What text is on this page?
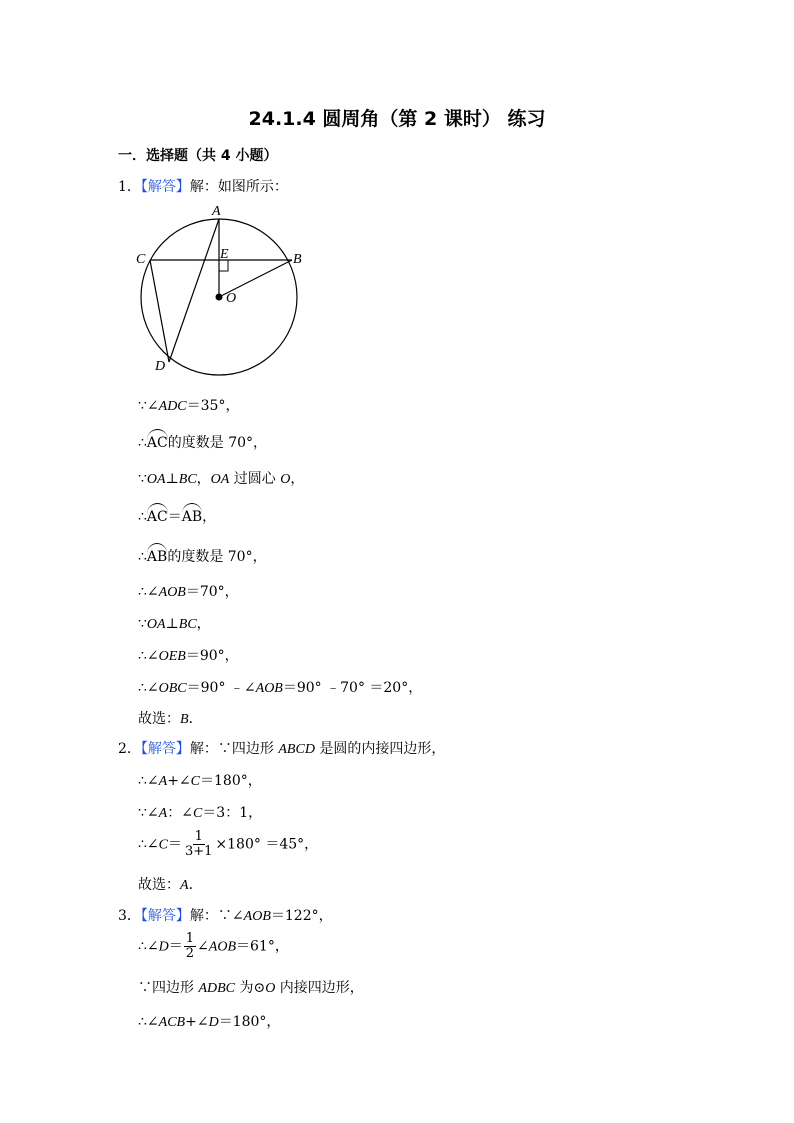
24.1.4 圆周角（第 2 课时） 练习
一．选择题（共 4 小题）
1．【解答】解：如图所示：
A
B
C
D
E
O
∵∠ADC＝35°，
∴AC的度数是 70°，
∵OA⊥BC，OA 过圆心 O，
∴AC＝AB，
∴AB的度数是 70°，
∴∠AOB＝70°，
∵OA⊥BC，
∴∠OEB＝90°，
∴∠OBC＝90° ﹣∠AOB＝90° ﹣70° ＝20°，
故选：B．
2．【解答】解：∵四边形 ABCD 是圆的内接四边形，
∴∠A+∠C＝180°，
∵∠A：∠C＝3：1，
∴∠C＝ $\frac{1}{3+1} \times 180^\circ =45^\circ$，
故选：A．
3．【解答】解：∵∠AOB＝122°，
∴∠D＝ $\frac{1}{2}$ ∠AOB＝61°，
∵四边形 ADBC 为⊙O 内接四边形，
∴∠ACB+∠D＝180°，
